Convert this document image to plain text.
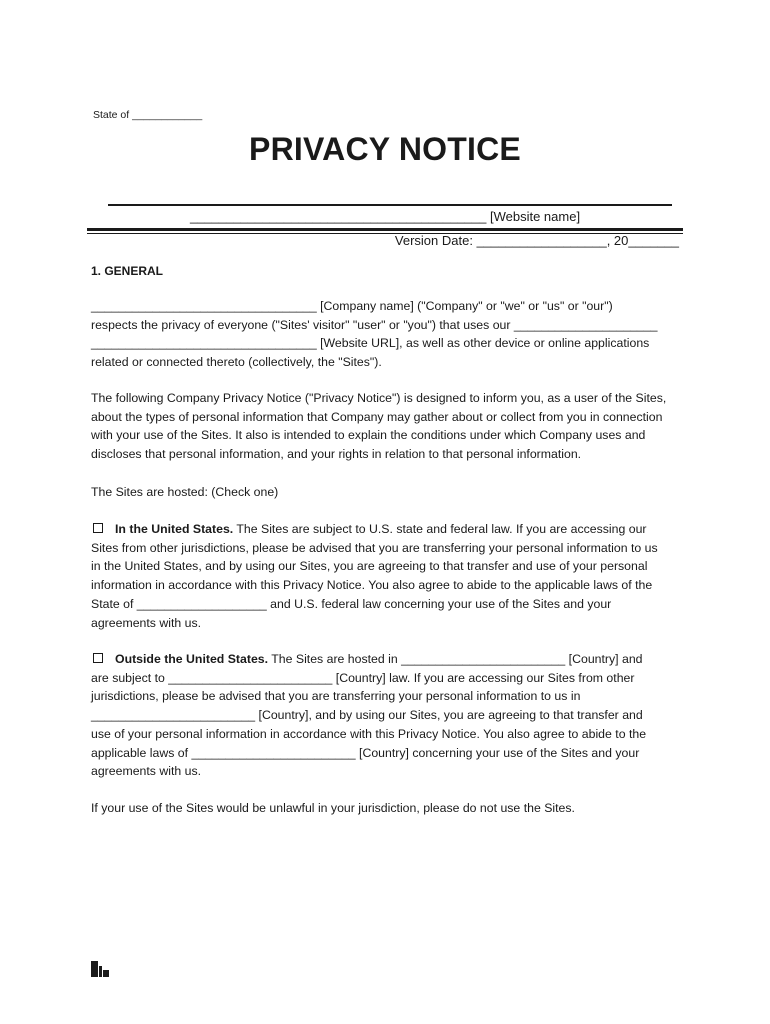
State of ____________
PRIVACY NOTICE
_________________________________________ [Website name]
Version Date: __________________, 20_______
1. GENERAL
_________________________________ [Company name] ("Company" or "we" or "us" or "our")
respects the privacy of everyone ("Sites' visitor" "user" or "you") that uses our _____________________
_________________________________ [Website URL], as well as other device or online applications
related or connected thereto (collectively, the "Sites").
The following Company Privacy Notice ("Privacy Notice") is designed to inform you, as a user of the Sites,
about the types of personal information that Company may gather about or collect from you in connection
with your use of the Sites. It also is intended to explain the conditions under which Company uses and
discloses that personal information, and your rights in relation to that personal information.
The Sites are hosted: (Check one)
In the United States. The Sites are subject to U.S. state and federal law. If you are accessing our
Sites from other jurisdictions, please be advised that you are transferring your personal information to us
in the United States, and by using our Sites, you are agreeing to that transfer and use of your personal
information in accordance with this Privacy Notice. You also agree to abide to the applicable laws of the
State of ___________________ and U.S. federal law concerning your use of the Sites and your
agreements with us.
Outside the United States. The Sites are hosted in ________________________ [Country] and
are subject to ________________________ [Country] law. If you are accessing our Sites from other
jurisdictions, please be advised that you are transferring your personal information to us in
________________________ [Country], and by using our Sites, you are agreeing to that transfer and
use of your personal information in accordance with this Privacy Notice. You also agree to abide to the
applicable laws of ________________________ [Country] concerning your use of the Sites and your
agreements with us.
If your use of the Sites would be unlawful in your jurisdiction, please do not use the Sites.
